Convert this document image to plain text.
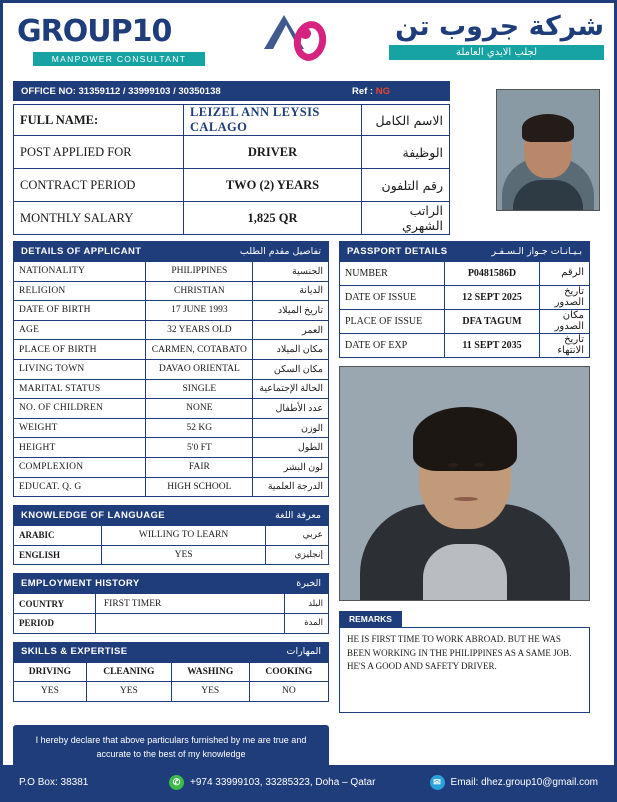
GROUP10
MANPOWER CONSULTANT
شركة جروب تن
لجلب الايدي العاملة
OFFICE NO: 31359112 / 33999103 / 30350138	Ref : NG
FULL NAME:	LEIZEL ANN LEYSIS CALAGO	الاسم الكامل
POST APPLIED FOR	DRIVER	الوظيفة
CONTRACT PERIOD	TWO (2) YEARS	رقم التلفون
MONTHLY SALARY	1,825 QR	الراتب الشهري
DETAILS OF APPLICANT	تفاصيل مقدم الطلب
NATIONALITY	PHILIPPINES	الجنسية
RELIGION	CHRISTIAN	الديانة
DATE OF BIRTH	17 JUNE 1993	تاريخ الميلاد
AGE	32 YEARS OLD	العمر
PLACE OF BIRTH	CARMEN, COTABATO	مكان الميلاد
LIVING TOWN	DAVAO ORIENTAL	مكان السكن
MARITAL STATUS	SINGLE	الحالة الإجتماعية
NO. OF CHILDREN	NONE	عدد الأطفال
WEIGHT	52 KG	الوزن
HEIGHT	5'0 FT	الطول
COMPLEXION	FAIR	لون البشر
EDUCAT. Q. G	HIGH SCHOOL	الدرجة العلمية
KNOWLEDGE OF LANGUAGE	معرفة اللغة
ARABIC	WILLING TO LEARN	عربي
ENGLISH	YES	إنجليزي
EMPLOYMENT HISTORY	الخبرة
COUNTRY	FIRST TIMER	البلد
PERIOD		المدة
SKILLS & EXPERTISE	المهارات
DRIVING	CLEANING	WASHING	COOKING
YES	YES	YES	NO
PASSPORT DETAILS	بـيـانـات جـواز الـسـفـر
NUMBER	P0481586D	الرقم
DATE OF ISSUE	12 SEPT 2025	تاريخ الصدور
PLACE OF ISSUE	DFA TAGUM	مكان الصدور
DATE OF EXP	11 SEPT 2035	تاريخ الانتهاء
REMARKS
HE IS FIRST TIME TO WORK ABROAD. BUT HE WAS BEEN WORKING IN THE PHILIPPINES AS A SAME JOB. HE'S A GOOD AND SAFETY DRIVER.
I hereby declare that above particulars furnished by me are true and accurate to the best of my knowledge
P.O Box: 38381	✆ +974 33999103, 33285323, Doha – Qatar	✉ Email: dhez.group10@gmail.com
